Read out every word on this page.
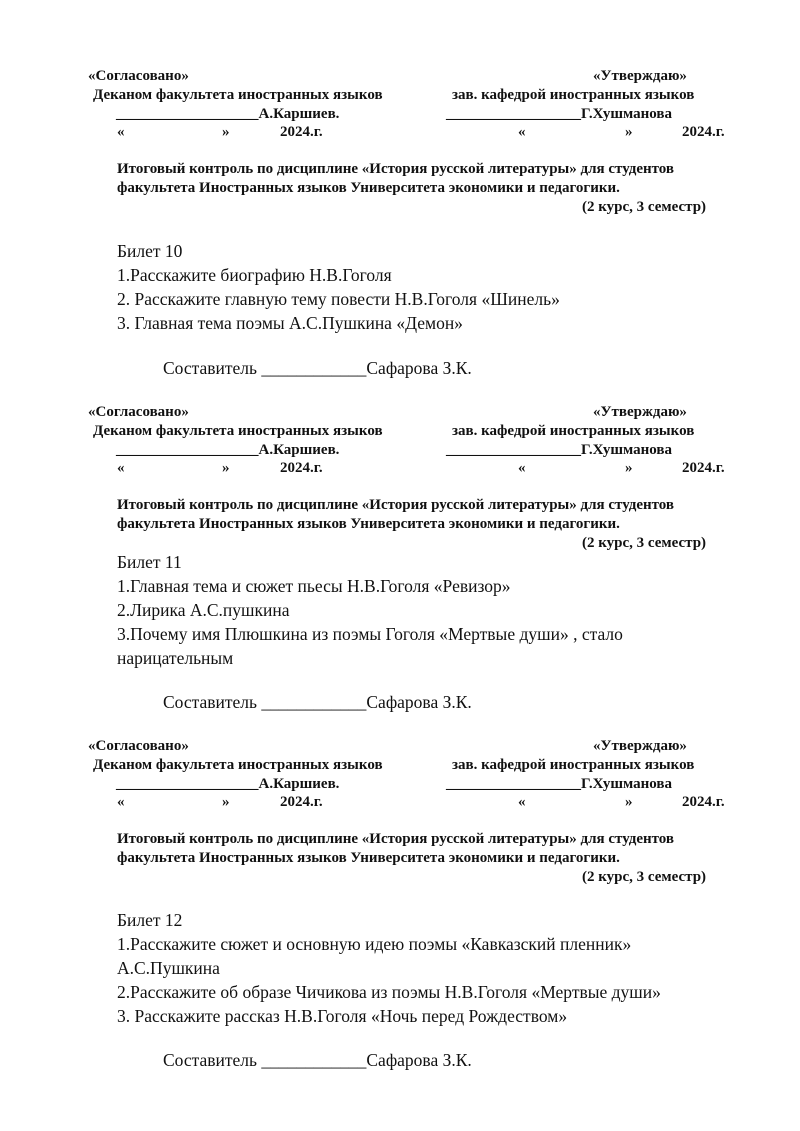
«Согласовано»	«Утверждаю»
Деканом факультета иностранных языков	зав. кафедрой иностранных языков
___________________А.Каршиев.	__________________Г.Хушманова
«	»	2024.г.	«	»	2024.г.
Итоговый контроль по дисциплине «История русской литературы» для студентов
факультета Иностранных языков Университета экономики и педагогики.
(2 курс, 3 семестр)
Билет 10
1.Расскажите биографию Н.В.Гоголя
2. Расскажите главную тему повести Н.В.Гоголя «Шинель»
3. Главная тема поэмы А.С.Пушкина «Демон»
Составитель ____________Сафарова З.К.
«Согласовано»	«Утверждаю»
Деканом факультета иностранных языков	зав. кафедрой иностранных языков
___________________А.Каршиев.	__________________Г.Хушманова
«	»	2024.г.	«	»	2024.г.
Итоговый контроль по дисциплине «История русской литературы» для студентов
факультета Иностранных языков Университета экономики и педагогики.
(2 курс, 3 семестр)
Билет 11
1.Главная тема и сюжет пьесы Н.В.Гоголя «Ревизор»
2.Лирика А.С.пушкина
3.Почему имя Плюшкина из поэмы Гоголя «Мертвые души» , стало
нарицательным
Составитель ____________Сафарова З.К.
«Согласовано»	«Утверждаю»
Деканом факультета иностранных языков	зав. кафедрой иностранных языков
___________________А.Каршиев.	__________________Г.Хушманова
«	»	2024.г.	«	»	2024.г.
Итоговый контроль по дисциплине «История русской литературы» для студентов
факультета Иностранных языков Университета экономики и педагогики.
(2 курс, 3 семестр)
Билет 12
1.Расскажите сюжет и основную идею поэмы «Кавказский пленник»
А.С.Пушкина
2.Расскажите об образе Чичикова из поэмы Н.В.Гоголя «Мертвые души»
3. Расскажите рассказ Н.В.Гоголя «Ночь перед Рождеством»
Составитель ____________Сафарова З.К.
